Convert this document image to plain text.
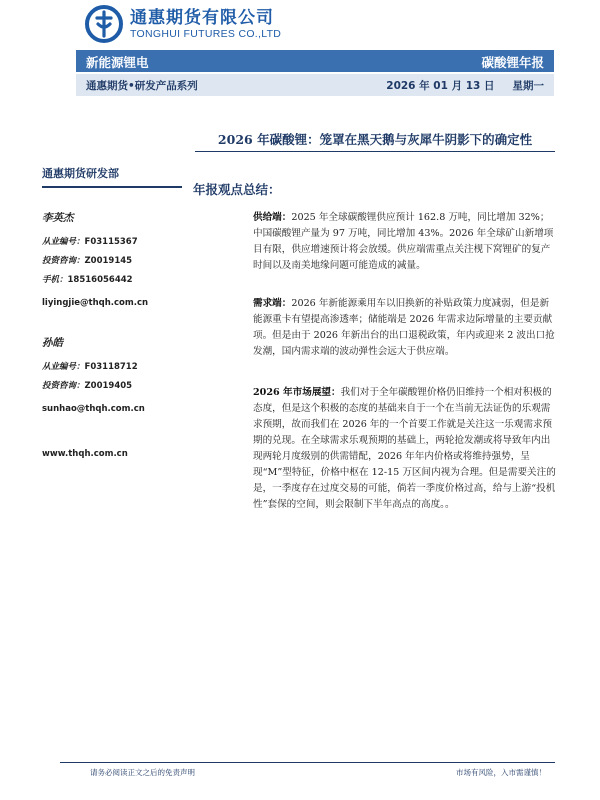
通惠期货有限公司
TONGHUI FUTURES CO.,LTD
新能源锂电	碳酸锂年报
通惠期货•研发产品系列	2026 年 01 月 13 日 星期一
2026 年碳酸锂：笼罩在黑天鹅与灰犀牛阴影下的确定性
通惠期货研发部
李英杰
从业编号：F03115367
投资咨询：Z0019145
手机：18516056442
liyingjie@thqh.com.cn
孙皓
从业编号：F03118712
投资咨询：Z0019405
sunhao@thqh.com.cn
www.thqh.com.cn
年报观点总结：
供给端：2025 年全球碳酸锂供应预计 162.8 万吨，同比增加 32%；中国碳酸锂产量为 97 万吨，同比增加 43%。2026 年全球矿山新增项目有限，供应增速预计将会放缓。供应端需重点关注枧下窝锂矿的复产时间以及南美地缘问题可能造成的减量。
需求端：2026 年新能源乘用车以旧换新的补贴政策力度减弱，但是新能源重卡有望提高渗透率；储能端是 2026 年需求边际增量的主要贡献项。但是由于 2026 年新出台的出口退税政策，年内或迎来 2 波出口抢发潮，国内需求端的波动弹性会远大于供应端。
2026 年市场展望：我们对于全年碳酸锂价格仍旧维持一个相对积极的态度，但是这个积极的态度的基础来自于一个在当前无法证伪的乐观需求预期，故而我们在 2026 年的一个首要工作就是关注这一乐观需求预期的兑现。在全球需求乐观预期的基础上，两轮抢发潮或将导致年内出现两轮月度级别的供需错配，2026 年年内价格或将维持强势，呈现“M”型特征，价格中枢在 12-15 万区间内视为合理。但是需要关注的是，一季度存在过度交易的可能，倘若一季度价格过高，给与上游“投机性”套保的空间，则会限制下半年高点的高度。。
请务必阅读正文之后的免责声明	市场有风险，入市需谨慎！
